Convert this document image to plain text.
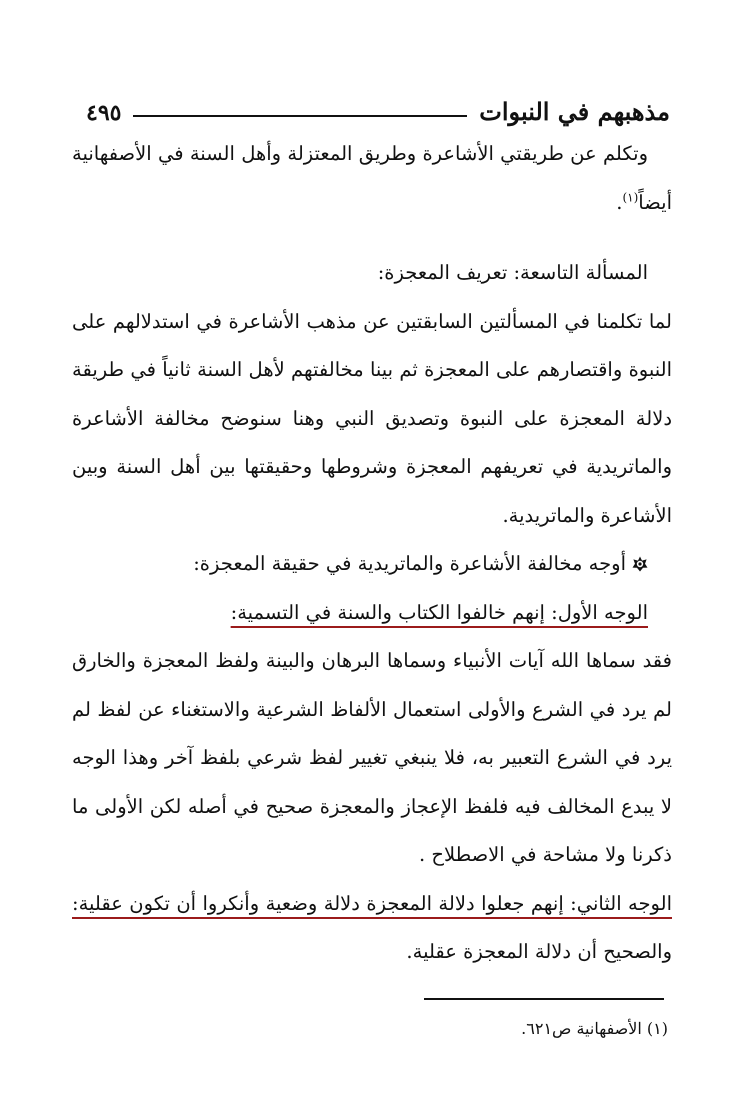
مذهبهم في النبوات
٤٩٥

وتكلم عن طريقتي الأشاعرة وطريق المعتزلة وأهل السنة في الأصفهانية أيضاً$^{(١)}$.

المسألة التاسعة: تعريف المعجزة:

لما تكلمنا في المسألتين السابقتين عن مذهب الأشاعرة في استدلالهم على النبوة واقتصارهم على المعجزة ثم بينا مخالفتهم لأهل السنة ثانياً في طريقة دلالة المعجزة على النبوة وتصديق النبي وهنا سنوضح مخالفة الأشاعرة والماتريدية في تعريفهم المعجزة وشروطها وحقيقتها بين أهل السنة وبين الأشاعرة والماتريدية.

أوجه مخالفة الأشاعرة والماتريدية في حقيقة المعجزة:

الوجه الأول: إنهم خالفوا الكتاب والسنة في التسمية:

فقد سماها الله آيات الأنبياء وسماها البرهان والبينة ولفظ المعجزة والخارق لم يرد في الشرع والأولى استعمال الألفاظ الشرعية والاستغناء عن لفظ لم يرد في الشرع التعبير به، فلا ينبغي تغيير لفظ شرعي بلفظ آخر وهذا الوجه لا يبدع المخالف فيه فلفظ الإعجاز والمعجزة صحيح في أصله لكن الأولى ما ذكرنا ولا مشاحة في الاصطلاح .

الوجه الثاني: إنهم جعلوا دلالة المعجزة دلالة وضعية وأنكروا أن تكون عقلية: والصحيح أن دلالة المعجزة عقلية.

(١) الأصفهانية ص٦٢١.
